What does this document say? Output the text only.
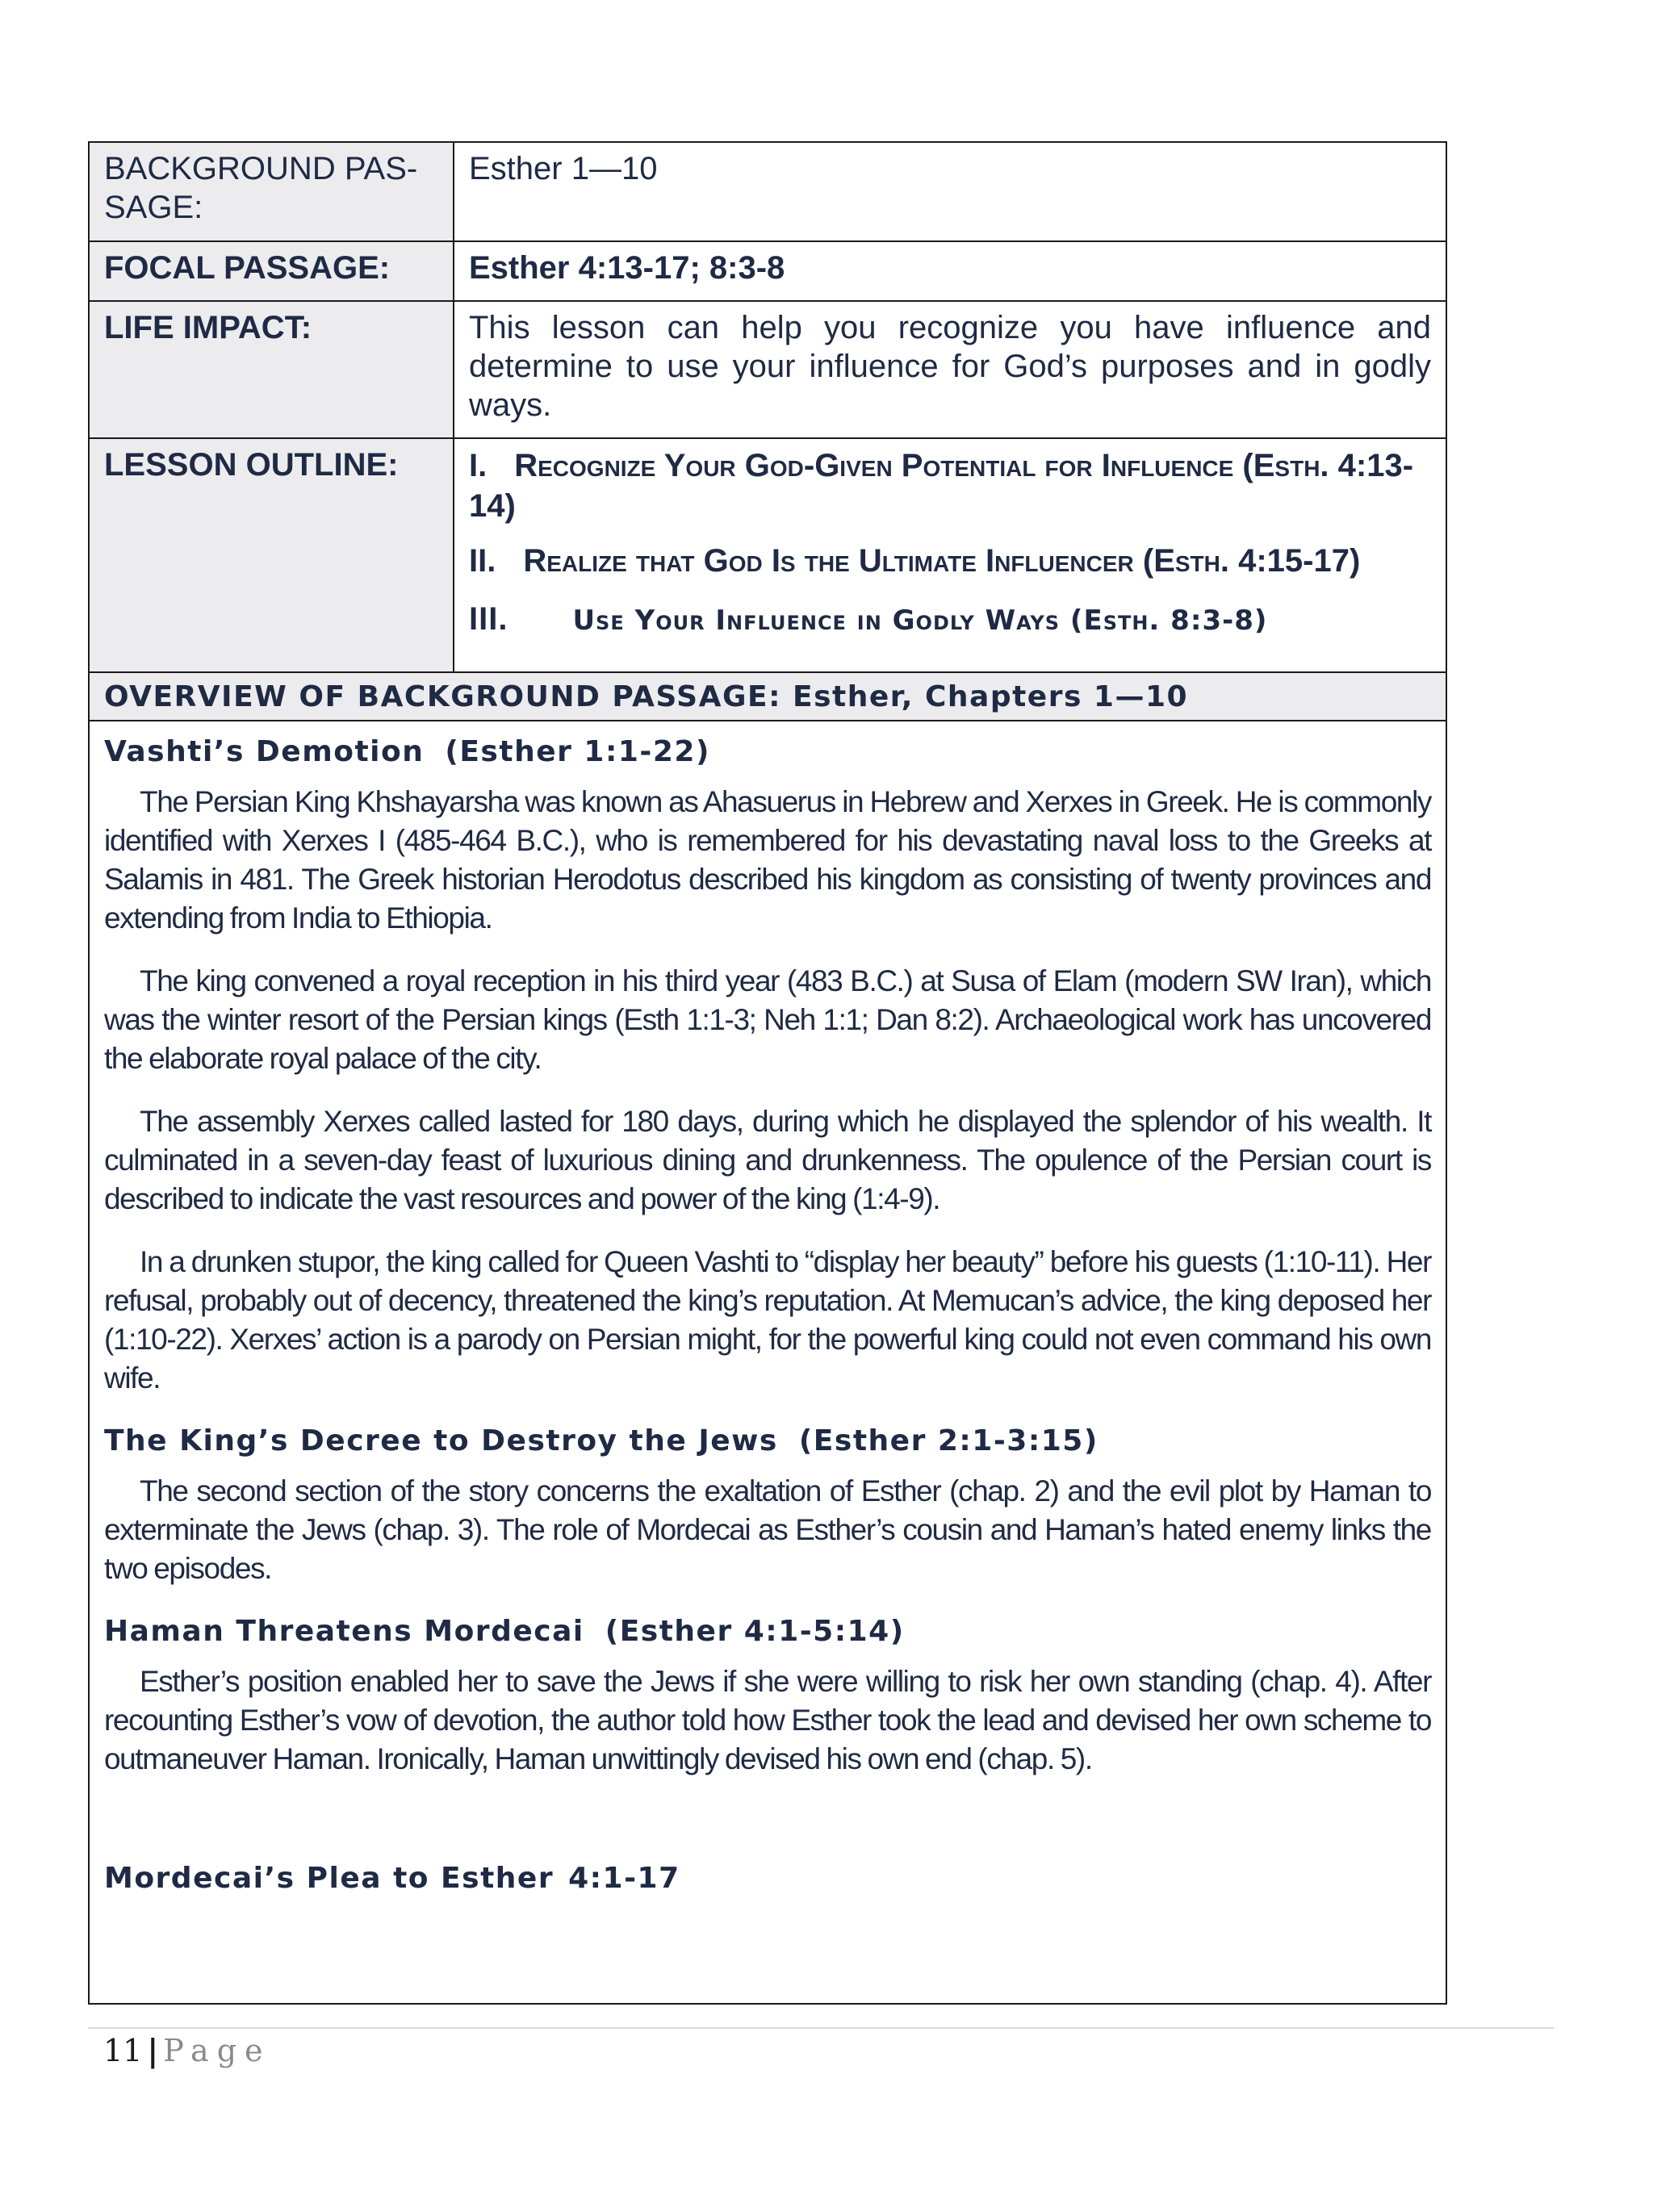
BACKGROUND PAS-SAGE:
Esther 1—10
FOCAL PASSAGE:	Esther 4:13-17; 8:3-8
LIFE IMPACT:	This lesson can help you recognize you have influence and determine to use your influence for God’s purposes and in godly ways.
LESSON OUTLINE:	I. Recognize Your God-Given Potential for Influence (Esth. 4:13-14)
II. Realize that God Is the Ultimate Influencer (Esth. 4:15-17)
III. Use Your Influence in Godly Ways (Esth. 8:3-8)
OVERVIEW OF BACKGROUND PASSAGE: Esther, Chapters 1—10
Vashti’s Demotion (Esther 1:1-22)

The Persian King Khshayarsha was known as Ahasuerus in Hebrew and Xerxes in Greek. He is commonly identified with Xerxes I (485-464 B.C.), who is remembered for his devastating naval loss to the Greeks at Salamis in 481. The Greek historian Herodotus described his kingdom as consisting of twenty provinces and extending from India to Ethiopia.

The king convened a royal reception in his third year (483 B.C.) at Susa of Elam (modern SW Iran), which was the winter resort of the Persian kings (Esth 1:1-3; Neh 1:1; Dan 8:2). Archaeological work has uncovered the elaborate royal palace of the city.

The assembly Xerxes called lasted for 180 days, during which he displayed the splendor of his wealth. It culminated in a seven-day feast of luxurious dining and drunkenness. The opulence of the Persian court is described to indicate the vast resources and power of the king (1:4-9).

In a drunken stupor, the king called for Queen Vashti to “display her beauty” before his guests (1:10-11). Her refusal, probably out of decency, threatened the king’s reputation. At Memucan’s advice, the king deposed her (1:10-22). Xerxes’ action is a parody on Persian might, for the powerful king could not even command his own wife.

The King’s Decree to Destroy the Jews (Esther 2:1-3:15)

The second section of the story concerns the exaltation of Esther (chap. 2) and the evil plot by Haman to exterminate the Jews (chap. 3). The role of Mordecai as Esther’s cousin and Haman’s hated enemy links the two episodes.

Haman Threatens Mordecai (Esther 4:1-5:14)

Esther’s position enabled her to save the Jews if she were willing to risk her own standing (chap. 4). After recounting Esther’s vow of devotion, the author told how Esther took the lead and devised her own scheme to outmaneuver Haman. Ironically, Haman unwittingly devised his own end (chap. 5).

Mordecai’s Plea to Esther 4:1-17
11 | Page
